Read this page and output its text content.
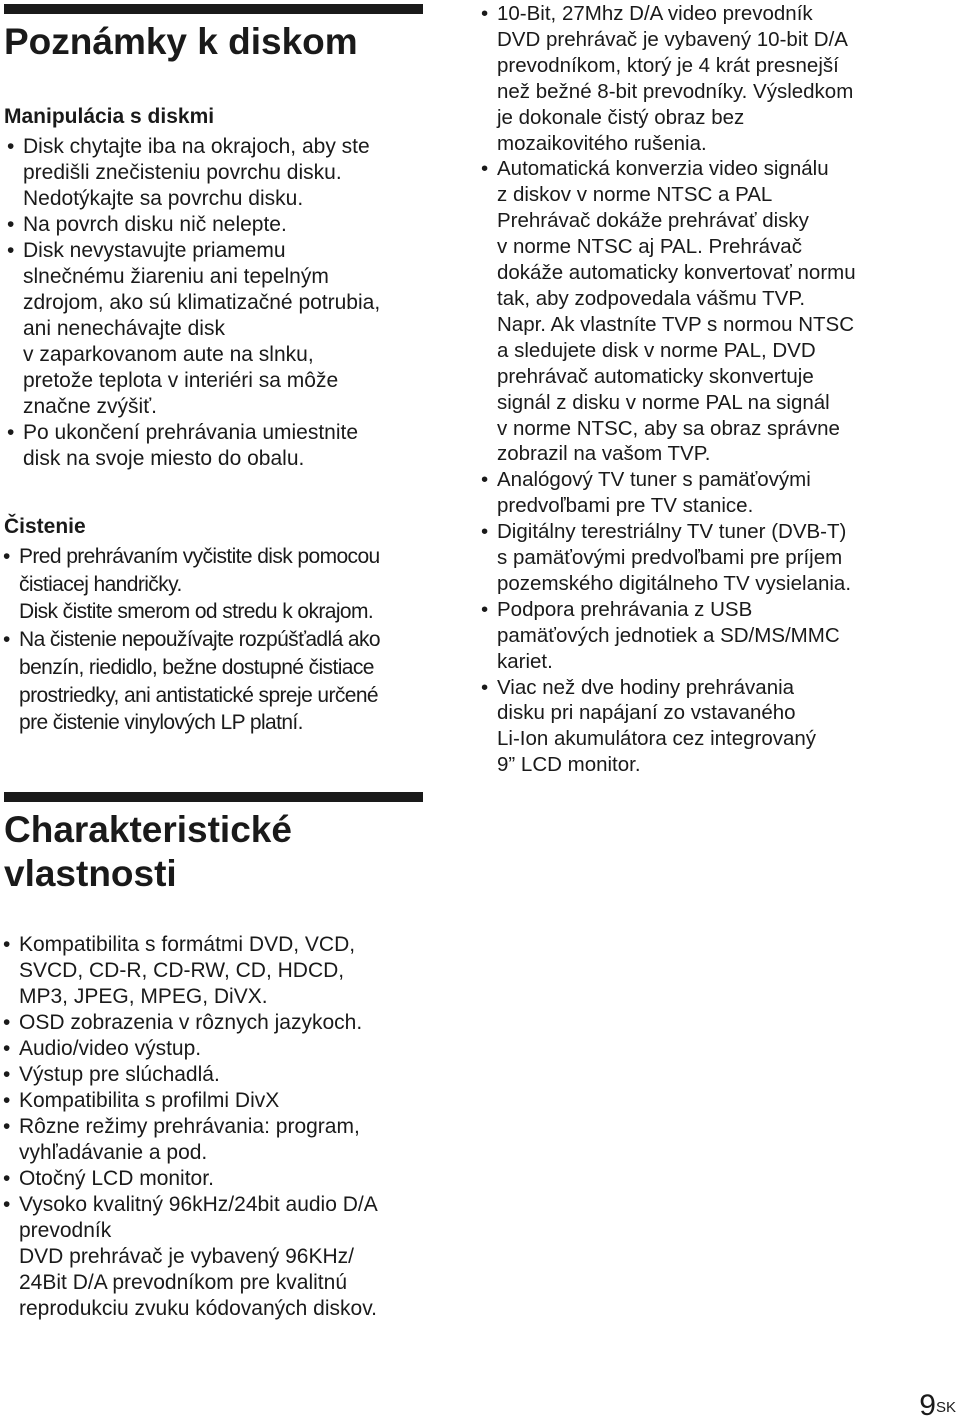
Poznámky k diskom
Manipulácia s diskmi
• Disk chytajte iba na okrajoch, aby ste
predišli znečisteniu povrchu disku.
Nedotýkajte sa povrchu disku.
• Na povrch disku nič nelepte.
• Disk nevystavujte priamemu
slnečnému žiareniu ani tepelným
zdrojom, ako sú klimatizačné potrubia,
ani nenechávajte disk
v zaparkovanom aute na slnku,
pretože teplota v interiéri sa môže
značne zvýšiť.
• Po ukončení prehrávania umiestnite
disk na svoje miesto do obalu.
Čistenie
• Pred prehrávaním vyčistite disk pomocou
čistiacej handričky.
Disk čistite smerom od stredu k okrajom.
• Na čistenie nepoužívajte rozpúšťadlá ako
benzín, riedidlo, bežne dostupné čistiace
prostriedky, ani antistatické spreje určené
pre čistenie vinylových LP platní.
Charakteristické
vlastnosti
• Kompatibilita s formátmi DVD, VCD,
SVCD, CD-R, CD-RW, CD, HDCD,
MP3, JPEG, MPEG, DiVX.
• OSD zobrazenia v rôznych jazykoch.
• Audio/video výstup.
• Výstup pre slúchadlá.
• Kompatibilita s profilmi DivX
• Rôzne režimy prehrávania: program,
vyhľadávanie a pod.
• Otočný LCD monitor.
• Vysoko kvalitný 96kHz/24bit audio D/A
prevodník
DVD prehrávač je vybavený 96KHz/
24Bit D/A prevodníkom pre kvalitnú
reprodukciu zvuku kódovaných diskov.
• 10-Bit, 27Mhz D/A video prevodník
DVD prehrávač je vybavený 10-bit D/A
prevodníkom, ktorý je 4 krát presnejší
než bežné 8-bit prevodníky. Výsledkom
je dokonale čistý obraz bez
mozaikovitého rušenia.
• Automatická konverzia video signálu
z diskov v norme NTSC a PAL
Prehrávač dokáže prehrávať disky
v norme NTSC aj PAL. Prehrávač
dokáže automaticky konvertovať normu
tak, aby zodpovedala vášmu TVP.
Napr. Ak vlastníte TVP s normou NTSC
a sledujete disk v norme PAL, DVD
prehrávač automaticky skonvertuje
signál z disku v norme PAL na signál
v norme NTSC, aby sa obraz správne
zobrazil na vašom TVP.
• Analógový TV tuner s pamäťovými
predvoľbami pre TV stanice.
• Digitálny terestriálny TV tuner (DVB-T)
s pamäťovými predvoľbami pre príjem
pozemského digitálneho TV vysielania.
• Podpora prehrávania z USB
pamäťových jednotiek a SD/MS/MMC
kariet.
• Viac než dve hodiny prehrávania
disku pri napájaní zo vstavaného
Li-Ion akumulátora cez integrovaný
9” LCD monitor.
$9^{SK}$
